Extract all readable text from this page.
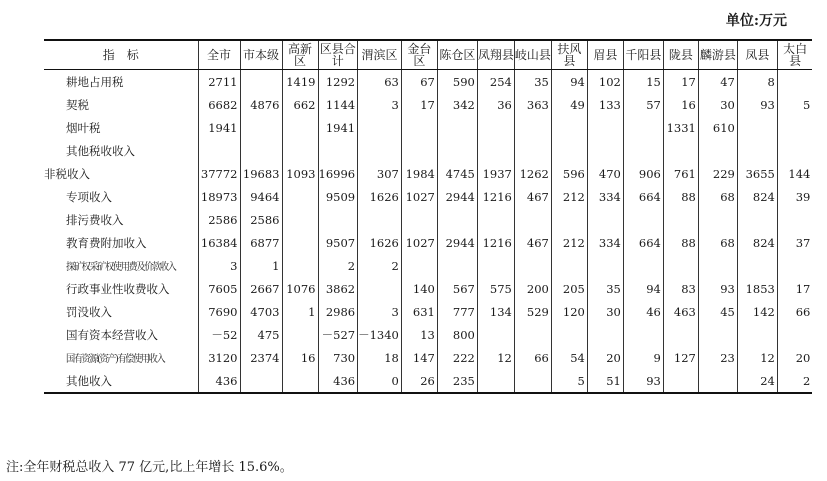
单位:万元
指　标	全市	市本级	高新区	区县合计	渭滨区	金台区	陈仓区	凤翔县	岐山县	扶风县	眉县	千阳县	陇县	麟游县	凤县	太白县
耕地占用税	2711		1419	1292	63	67	590	254	35	94	102	15	17	47	8	
契税	6682	4876	662	1144	3	17	342	36	363	49	133	57	16	30	93	5
烟叶税	1941			1941									1331	610		
其他税收收入																
非税收入	37772	19683	1093	16996	307	1984	4745	1937	1262	596	470	906	761	229	3655	144
专项收入	18973	9464		9509	1626	1027	2944	1216	467	212	334	664	88	68	824	39
排污费收入	2586	2586														
教育费附加收入	16384	6877		9507	1626	1027	2944	1216	467	212	334	664	88	68	824	37
探矿权采矿权使用费及价款收入	3	1		2	2											
行政事业性收费收入	7605	2667	1076	3862		140	567	575	200	205	35	94	83	93	1853	17
罚没收入	7690	4703	1	2986	3	631	777	134	529	120	30	46	463	45	142	66
国有资本经营收入	－52	475		－527	－1340	13	800									
国有资源(资产)有偿使用收入	3120	2374	16	730	18	147	222	12	66	54	20	9	127	23	12	20
其他收入	436			436	0	26	235			5	51	93			24	2
注:全年财税总收入 77 亿元,比上年增长 15.6%。
